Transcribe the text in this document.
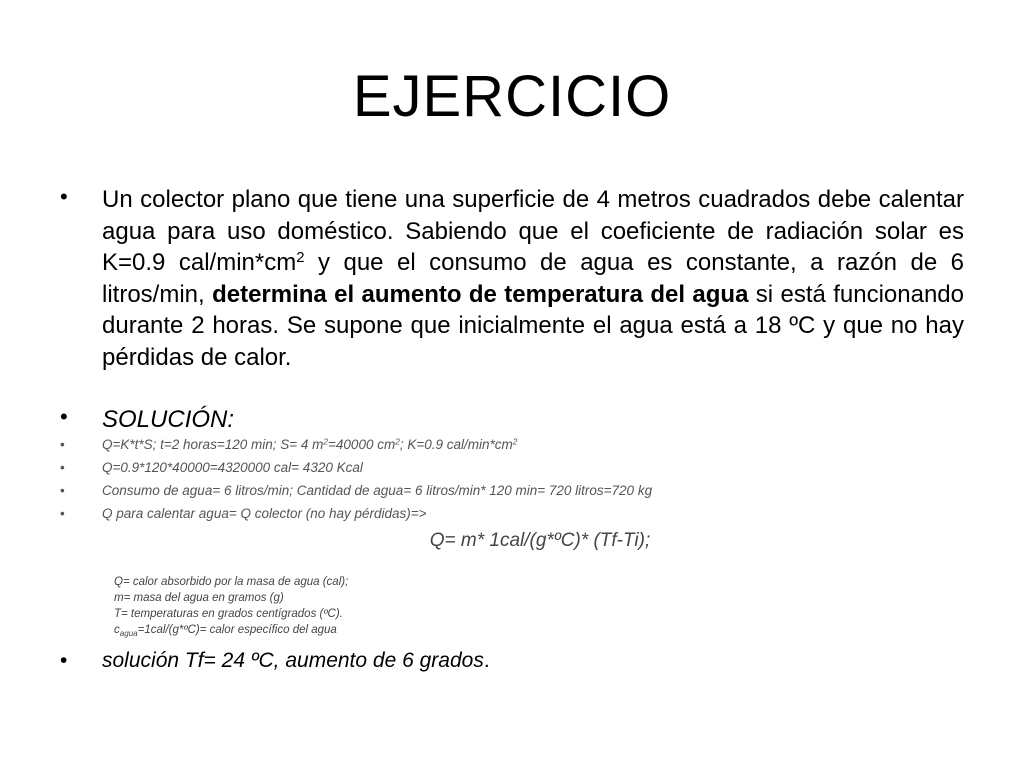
EJERCICIO
•	Un colector plano que tiene una superficie de 4 metros cuadrados debe calentar agua para uso doméstico. Sabiendo que el coeficiente de radiación solar es K=0.9 cal/$\min*cm^2$ y que el consumo de agua es constante, a razón de 6 litros/min, determina el aumento de temperatura del agua si está funcionando durante 2 horas. Se supone que inicialmente el agua está a 18 ºC y que no hay pérdidas de calor.
•	SOLUCIÓN:
•	Q=K*t*S; t=2 horas=120 min; S= 4 $m^2=40000$ $cm^2$; K=0.9 cal/$\min*cm^2$
•	Q=0.9*120*40000=4320000 cal= 4320 Kcal
•	Consumo de agua= 6 litros/min; Cantidad de agua= 6 litros/min* 120 min= 720 litros=720 kg
•	Q para calentar agua= Q colector (no hay pérdidas)=>
Q= m* 1cal/(g*ºC)* (Tf-Ti);
Q= calor absorbido por la masa de agua (cal);
m= masa del agua en gramos (g)
T= temperaturas en grados centígrados (ºC).
$c_{agua}=1cal/(g*ºC)=$ calor específico del agua
•	solución Tf= 24 ºC, aumento de 6 grados.
